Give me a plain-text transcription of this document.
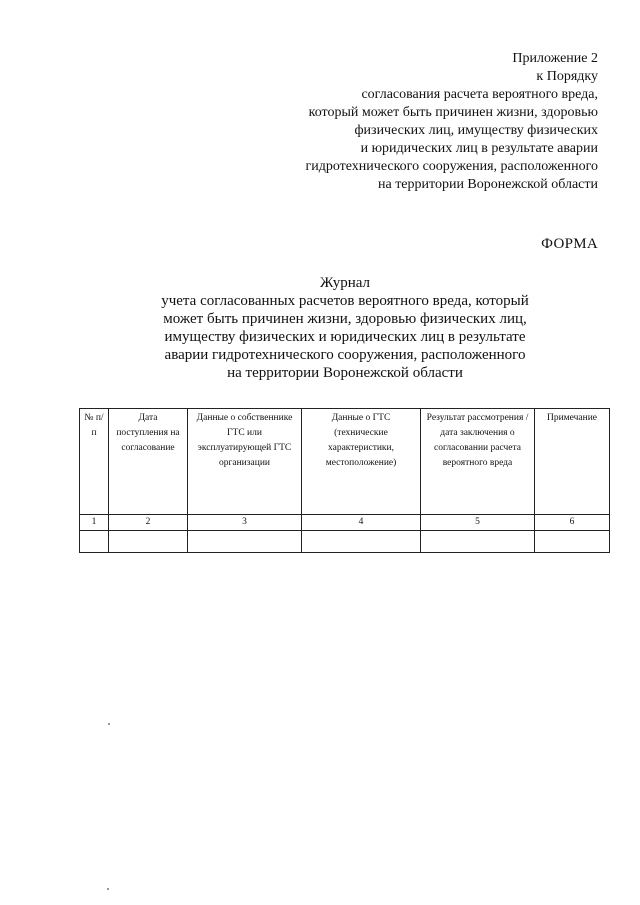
Приложение 2
к Порядку
согласования расчета вероятного вреда,
который может быть причинен жизни, здоровью
физических лиц, имуществу физических
и юридических лиц в результате аварии
гидротехнического сооружения, расположенного
на территории Воронежской области
ФОРМА
Журнал
учета согласованных расчетов вероятного вреда, который
может быть причинен жизни, здоровью физических лиц,
имуществу физических и юридических лиц в результате
аварии гидротехнического сооружения, расположенного
на территории Воронежской области
№ п/п	Дата поступления на согласование	Данные о собственнике ГТС или эксплуатирующей ГТС организации	Данные о ГТС (технические характеристики, местоположение)	Результат рассмотрения / дата заключения о согласовании расчета вероятного вреда	Примечание
1	2	3	4	5	6
